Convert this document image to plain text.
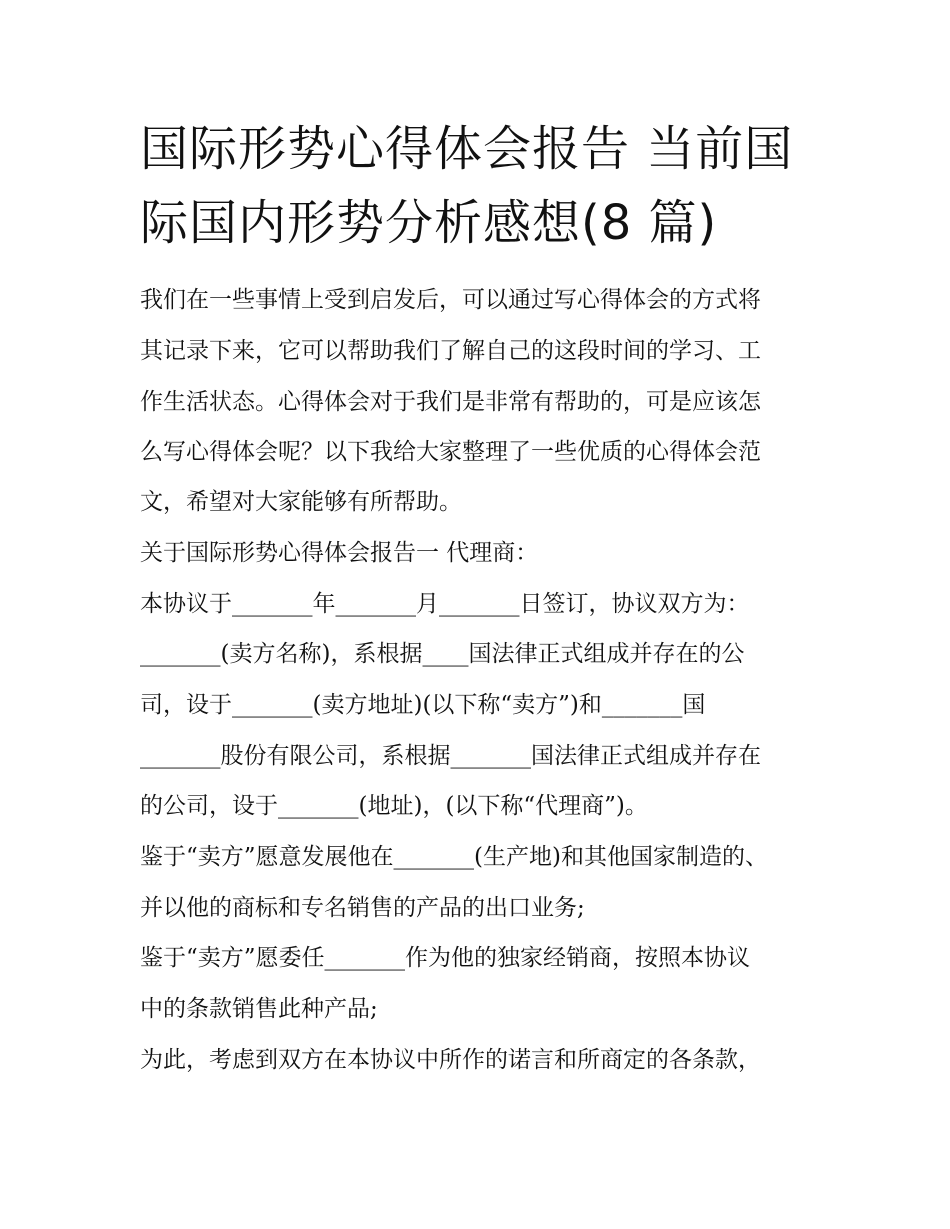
国际形势心得体会报告 当前国
际国内形势分析感想(8 篇)

我们在一些事情上受到启发后，可以通过写心得体会的方式将

其记录下来，它可以帮助我们了解自己的这段时间的学习、工

作生活状态。心得体会对于我们是非常有帮助的，可是应该怎

么写心得体会呢？以下我给大家整理了一些优质的心得体会范

文，希望对大家能够有所帮助。

关于国际形势心得体会报告一 代理商：

本协议于_______年_______月_______日签订，协议双方为：

_______(卖方名称)，系根据____国法律正式组成并存在的公

司，设于_______(卖方地址)(以下称“卖方”)和_______国

_______股份有限公司，系根据_______国法律正式组成并存在

的公司，设于_______(地址)，(以下称“代理商”)。

鉴于“卖方”愿意发展他在_______(生产地)和其他国家制造的、

并以他的商标和专名销售的产品的出口业务;

鉴于“卖方”愿委任_______作为他的独家经销商，按照本协议

中的条款销售此种产品;

为此，考虑到双方在本协议中所作的诺言和所商定的各条款，
